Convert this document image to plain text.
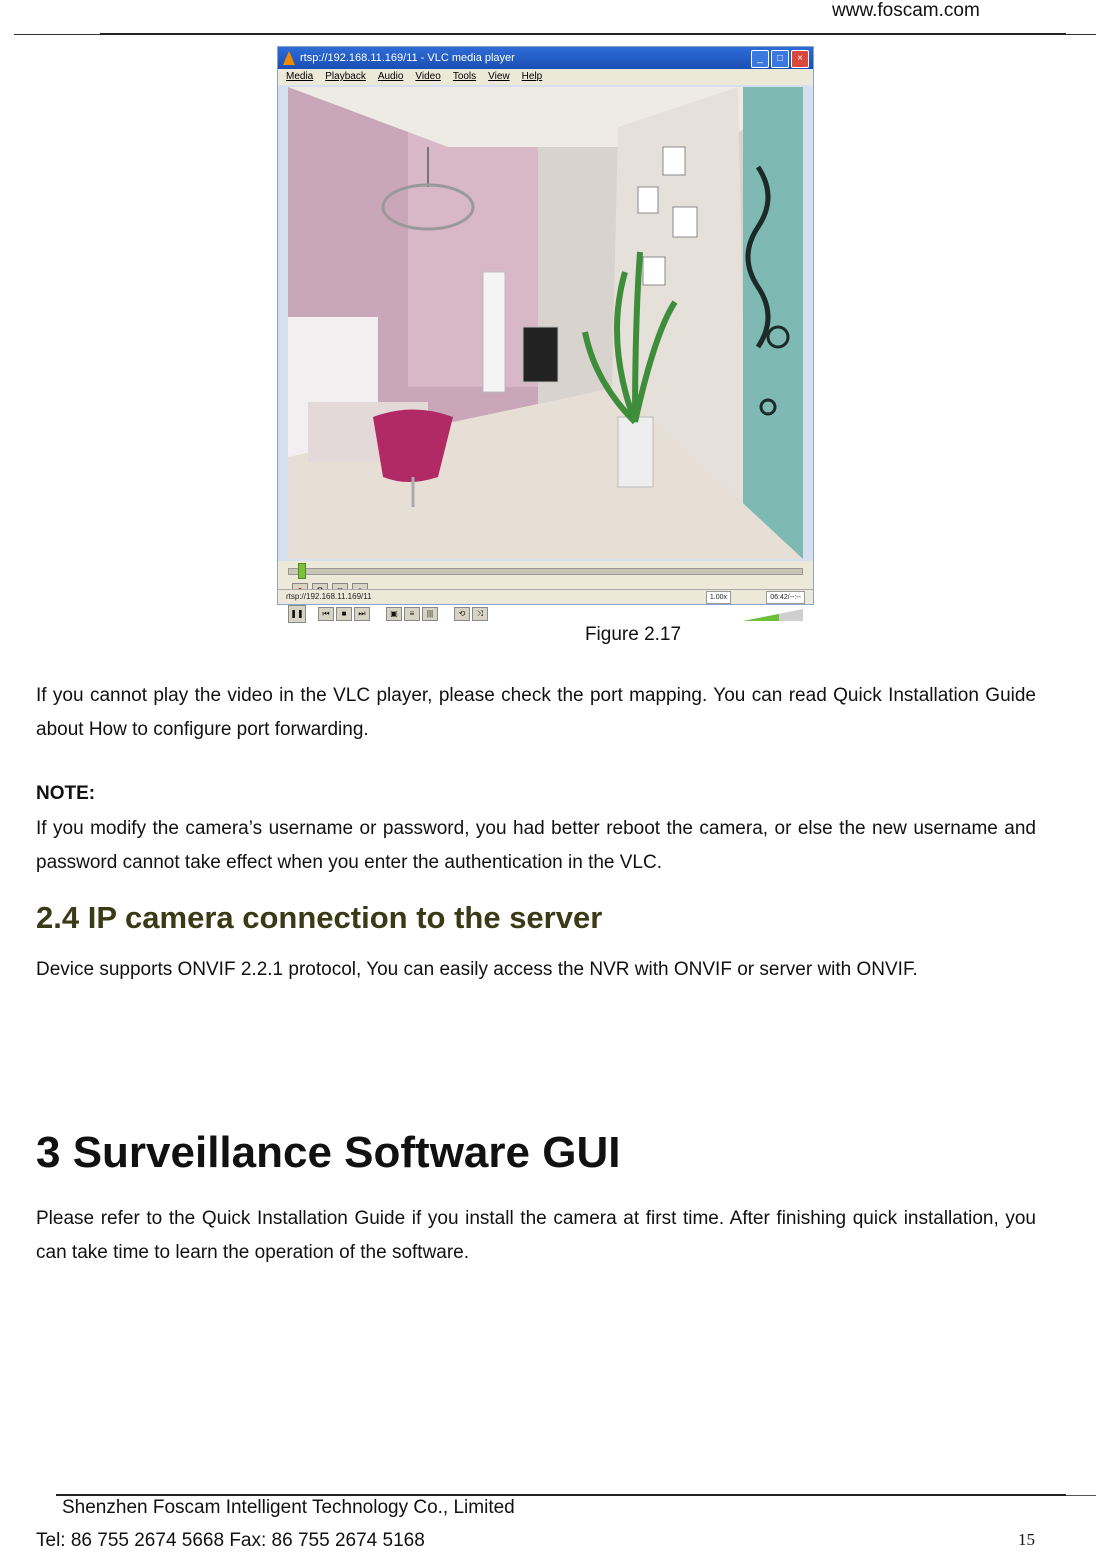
www.foscam.com
rtsp://192.168.11.169/11 - VLC media player	_	□	×
Media Playback Audio Video Tools View Help
❚❚	⏮	■	⏭	▣	≡	|||	⟲	⤨
rtsp://192.168.11.169/11	1.00x	06:42/--:--
Figure 2.17
If you cannot play the video in the VLC player, please check the port mapping. You can read Quick Installation Guide about How to configure port forwarding.
NOTE:
If you modify the camera’s username or password, you had better reboot the camera, or else the new username and password cannot take effect when you enter the authentication in the VLC.
2.4 IP camera connection to the server
Device supports ONVIF 2.2.1 protocol, You can easily access the NVR with ONVIF or server with ONVIF.
3 Surveillance Software GUI
Please refer to the Quick Installation Guide if you install the camera at first time. After finishing quick installation, you can take time to learn the operation of the software.
Shenzhen Foscam Intelligent Technology Co., Limited
Tel: 86 755 2674 5668 Fax: 86 755 2674 5168	15
